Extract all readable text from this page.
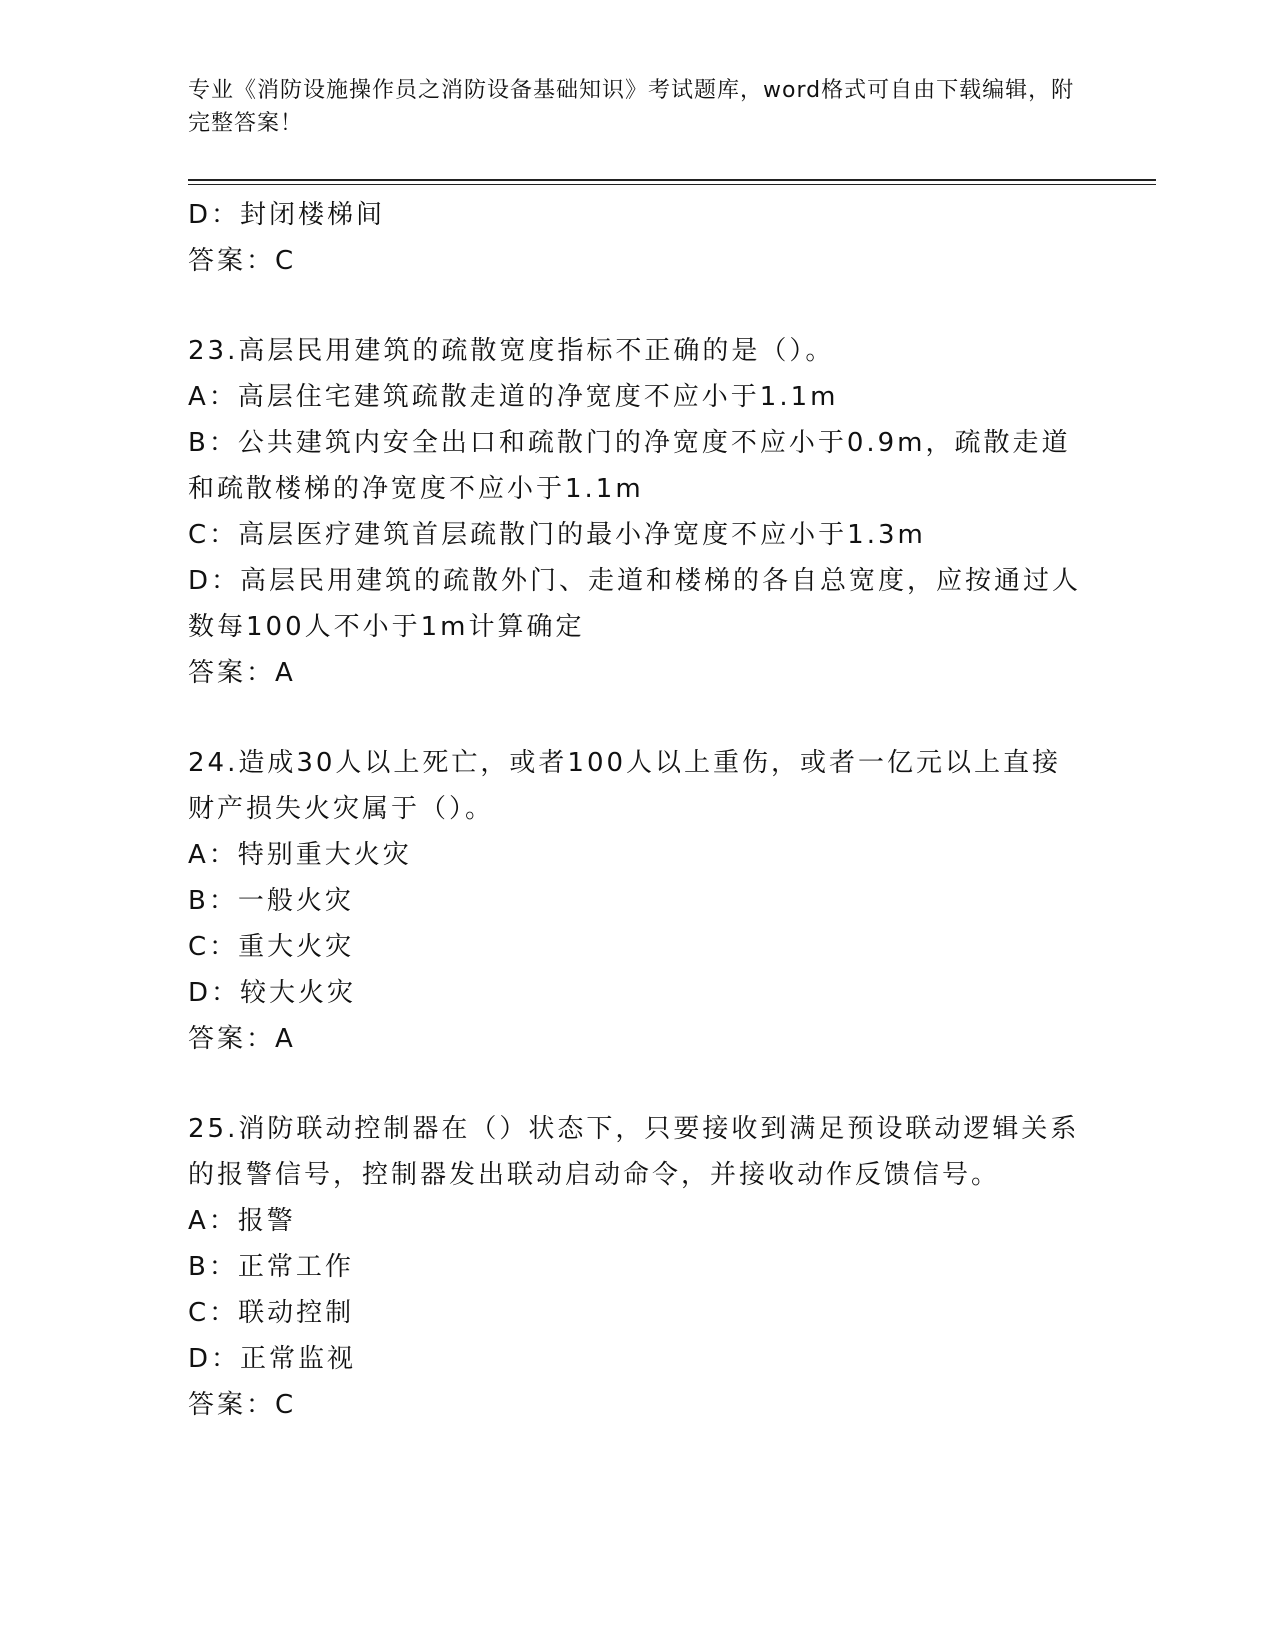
专业《消防设施操作员之消防设备基础知识》考试题库，word格式可自由下载编辑，附完整答案！

D：封闭楼梯间

答案：C

23.高层民用建筑的疏散宽度指标不正确的是（）。

A：高层住宅建筑疏散走道的净宽度不应小于1.1m

B：公共建筑内安全出口和疏散门的净宽度不应小于0.9m，疏散走道和疏散楼梯的净宽度不应小于1.1m

C：高层医疗建筑首层疏散门的最小净宽度不应小于1.3m

D：高层民用建筑的疏散外门、走道和楼梯的各自总宽度，应按通过人数每100人不小于1m计算确定

答案：A

24.造成30人以上死亡，或者100人以上重伤，或者一亿元以上直接财产损失火灾属于（）。

A：特别重大火灾

B：一般火灾

C：重大火灾

D：较大火灾

答案：A

25.消防联动控制器在（）状态下，只要接收到满足预设联动逻辑关系的报警信号，控制器发出联动启动命令，并接收动作反馈信号。

A：报警

B：正常工作

C：联动控制

D：正常监视

答案：C
